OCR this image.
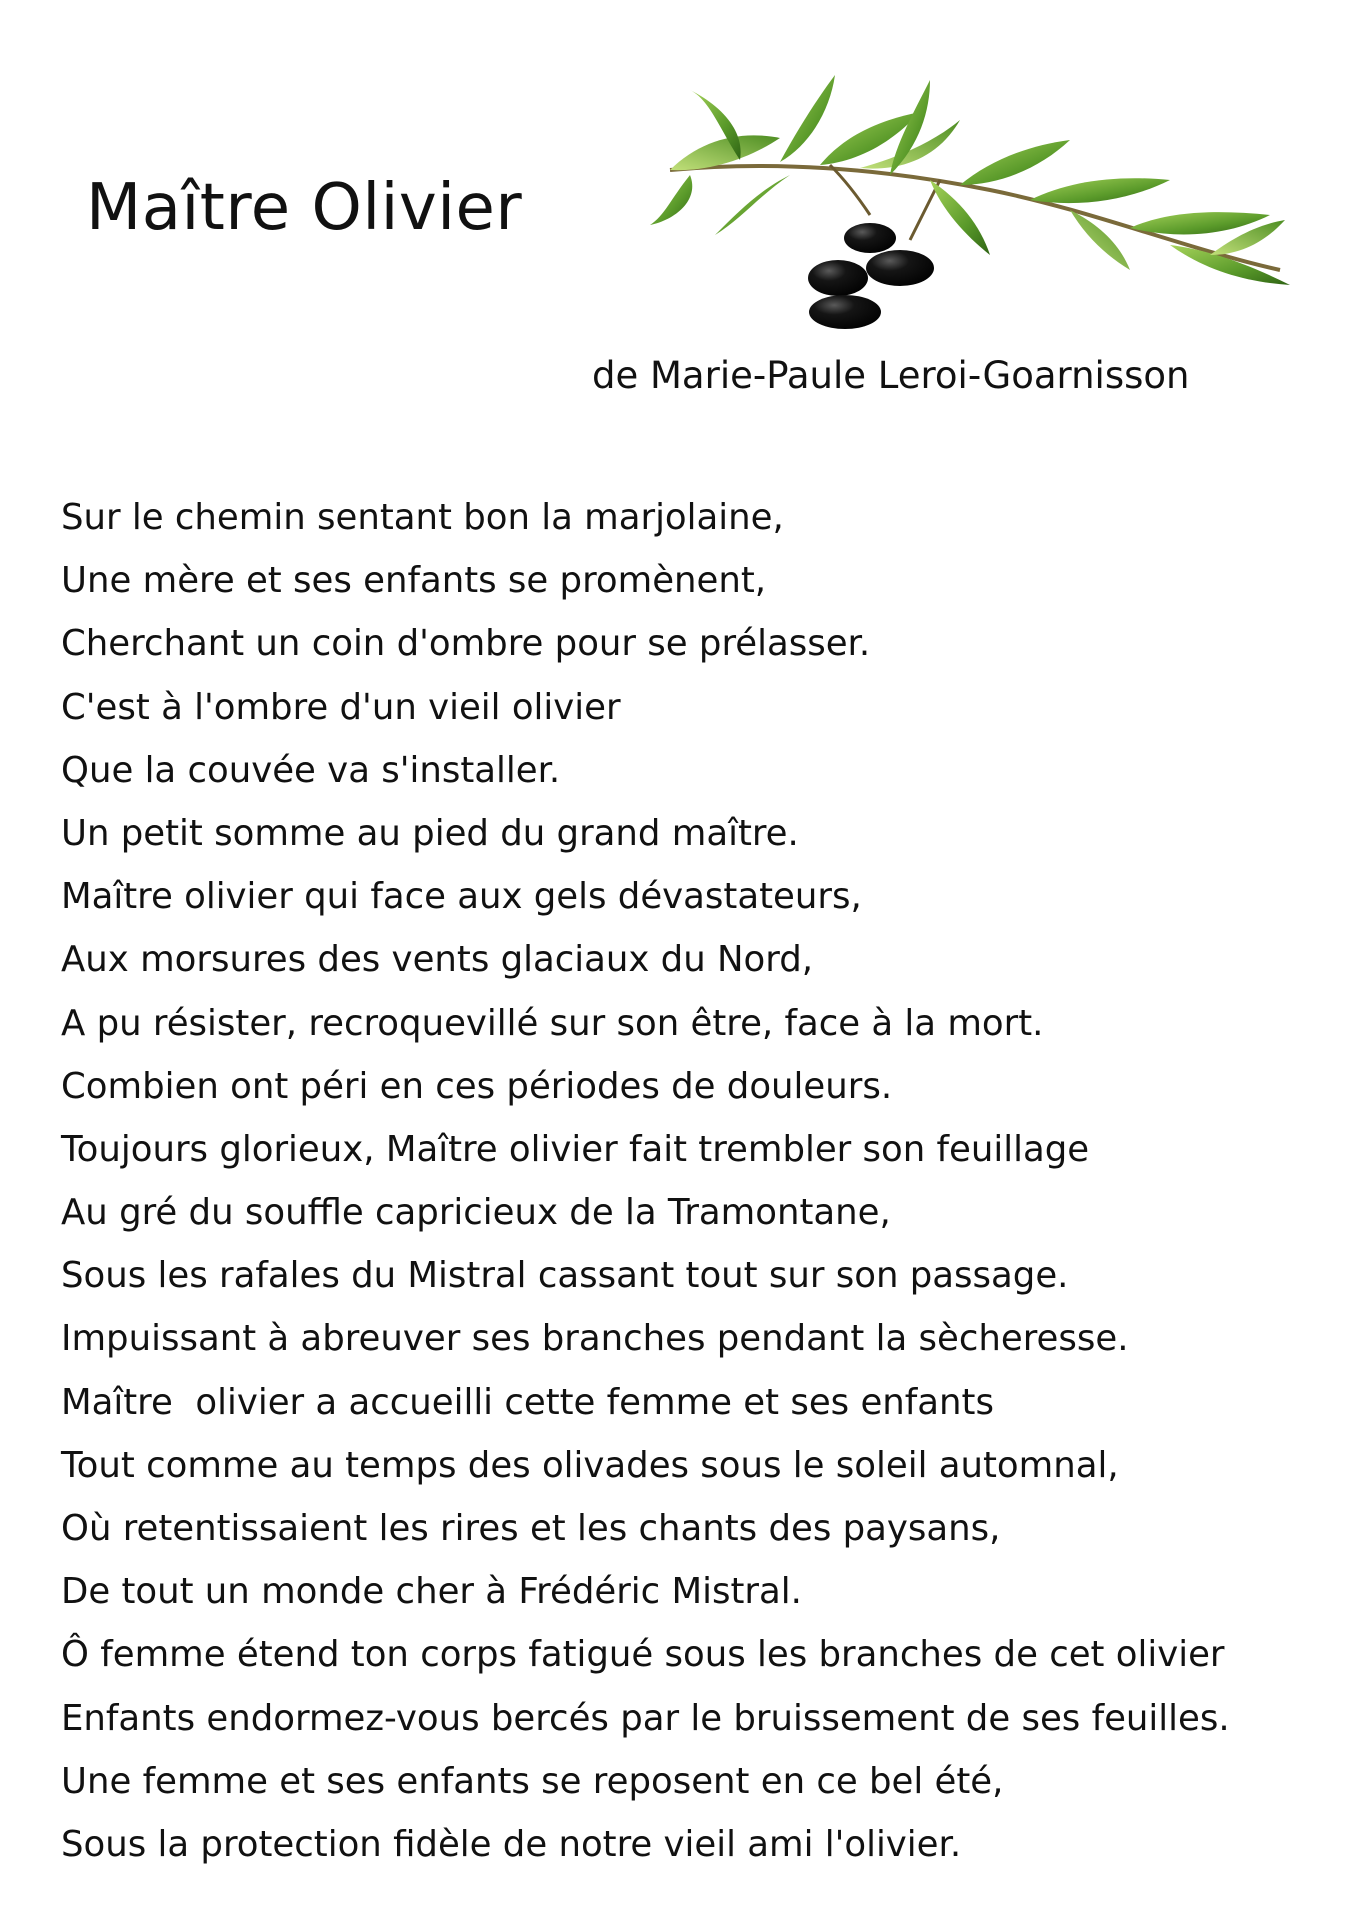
Maître Olivier

de Marie-Paule Leroi-Goarnisson

Sur le chemin sentant bon la marjolaine,
Une mère et ses enfants se promènent,
Cherchant un coin d'ombre pour se prélasser.
C'est à l'ombre d'un vieil olivier
Que la couvée va s'installer.
Un petit somme au pied du grand maître.
Maître olivier qui face aux gels dévastateurs,
Aux morsures des vents glaciaux du Nord,
A pu résister, recroquevillé sur son être, face à la mort.
Combien ont péri en ces périodes de douleurs.
Toujours glorieux, Maître olivier fait trembler son feuillage
Au gré du souffle capricieux de la Tramontane,
Sous les rafales du Mistral cassant tout sur son passage.
Impuissant à abreuver ses branches pendant la sècheresse.
Maître  olivier a accueilli cette femme et ses enfants
Tout comme au temps des olivades sous le soleil automnal,
Où retentissaient les rires et les chants des paysans,
De tout un monde cher à Frédéric Mistral.
Ô femme étend ton corps fatigué sous les branches de cet olivier
Enfants endormez-vous bercés par le bruissement de ses feuilles.
Une femme et ses enfants se reposent en ce bel été,
Sous la protection fidèle de notre vieil ami l'olivier.
